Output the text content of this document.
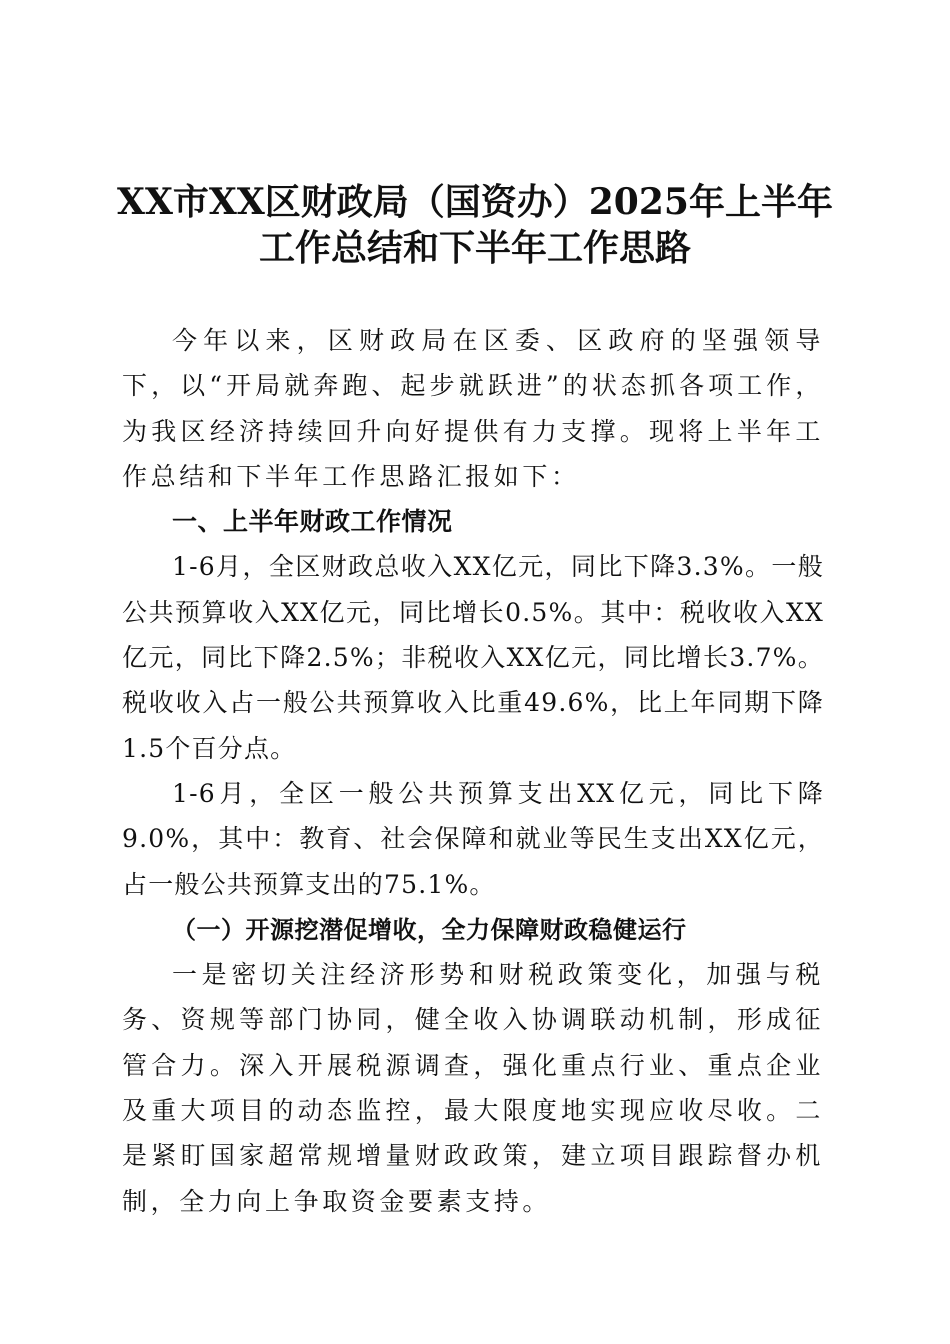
XX市XX区财政局（国资办）2025年上半年
工作总结和下半年工作思路

今年以来，区财政局在区委、区政府的坚强领导下，以“开局就奔跑、起步就跃进”的状态抓各项工作，为我区经济持续回升向好提供有力支撑。现将上半年工作总结和下半年工作思路汇报如下：

一、上半年财政工作情况

1-6月，全区财政总收入XX亿元，同比下降3.3%。一般公共预算收入XX亿元，同比增长0.5%。其中：税收收入XX亿元，同比下降2.5%；非税收入XX亿元，同比增长3.7%。税收收入占一般公共预算收入比重49.6%，比上年同期下降1.5个百分点。

1-6月，全区一般公共预算支出XX亿元，同比下降9.0%，其中：教育、社会保障和就业等民生支出XX亿元，占一般公共预算支出的75.1%。

（一）开源挖潜促增收，全力保障财政稳健运行

一是密切关注经济形势和财税政策变化，加强与税务、资规等部门协同，健全收入协调联动机制，形成征管合力。深入开展税源调查，强化重点行业、重点企业及重大项目的动态监控，最大限度地实现应收尽收。二是紧盯国家超常规增量财政政策，建立项目跟踪督办机制，全力向上争取资金要素支持。
